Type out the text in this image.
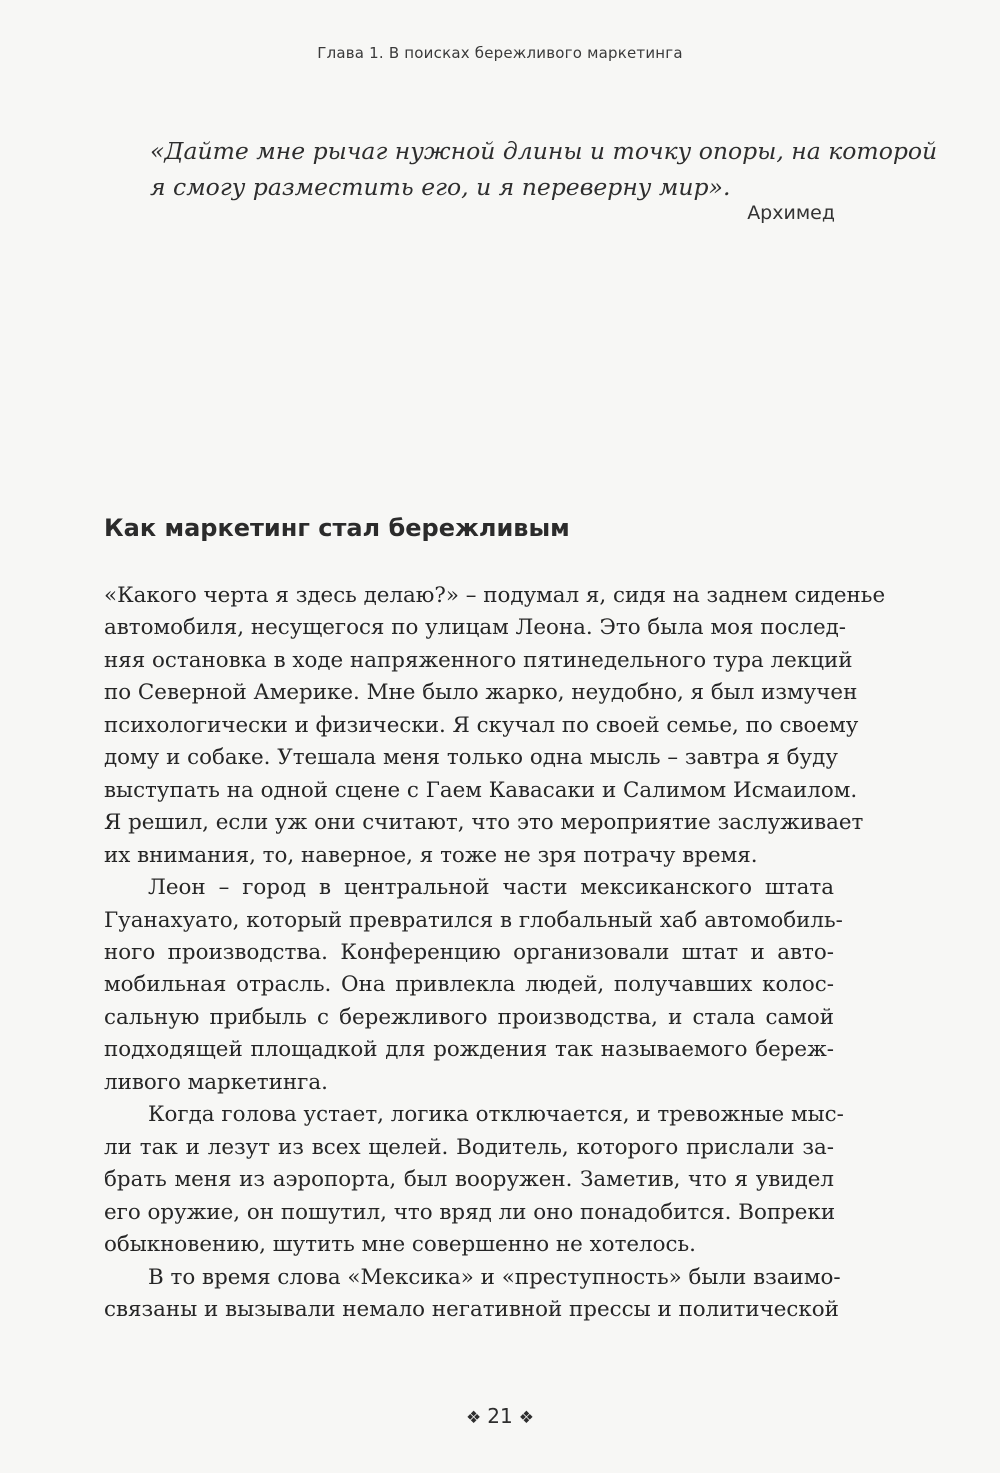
Глава 1. В поисках бережливого маркетинга
«Дайте мне рычаг нужной длины и точку опоры, на которой
я смогу разместить его, и я переверну мир».
Архимед
Как маркетинг стал бережливым
«Какого черта я здесь делаю?» – подумал я, сидя на заднем сиденье
автомобиля, несущегося по улицам Леона. Это была моя послед-
няя остановка в ходе напряженного пятинедельного тура лекций
по Северной Америке. Мне было жарко, неудобно, я был измучен
психологически и физически. Я скучал по своей семье, по своему
дому и собаке. Утешала меня только одна мысль – завтра я буду
выступать на одной сцене с Гаем Кавасаки и Салимом Исмаилом.
Я решил, если уж они считают, что это мероприятие заслуживает
их внимания, то, наверное, я тоже не зря потрачу время.
Леон – город в центральной части мексиканского штата
Гуанахуато, который превратился в глобальный хаб автомобиль-
ного производства. Конференцию организовали штат и авто-
мобильная отрасль. Она привлекла людей, получавших колос-
сальную прибыль с бережливого производства, и стала самой
подходящей площадкой для рождения так называемого береж-
ливого маркетинга.
Когда голова устает, логика отключается, и тревожные мыс-
ли так и лезут из всех щелей. Водитель, которого прислали за-
брать меня из аэропорта, был вооружен. Заметив, что я увидел
его оружие, он пошутил, что вряд ли оно понадобится. Вопреки
обыкновению, шутить мне совершенно не хотелось.
В то время слова «Мексика» и «преступность» были взаимо-
связаны и вызывали немало негативной прессы и политической
❖ 21 ❖
